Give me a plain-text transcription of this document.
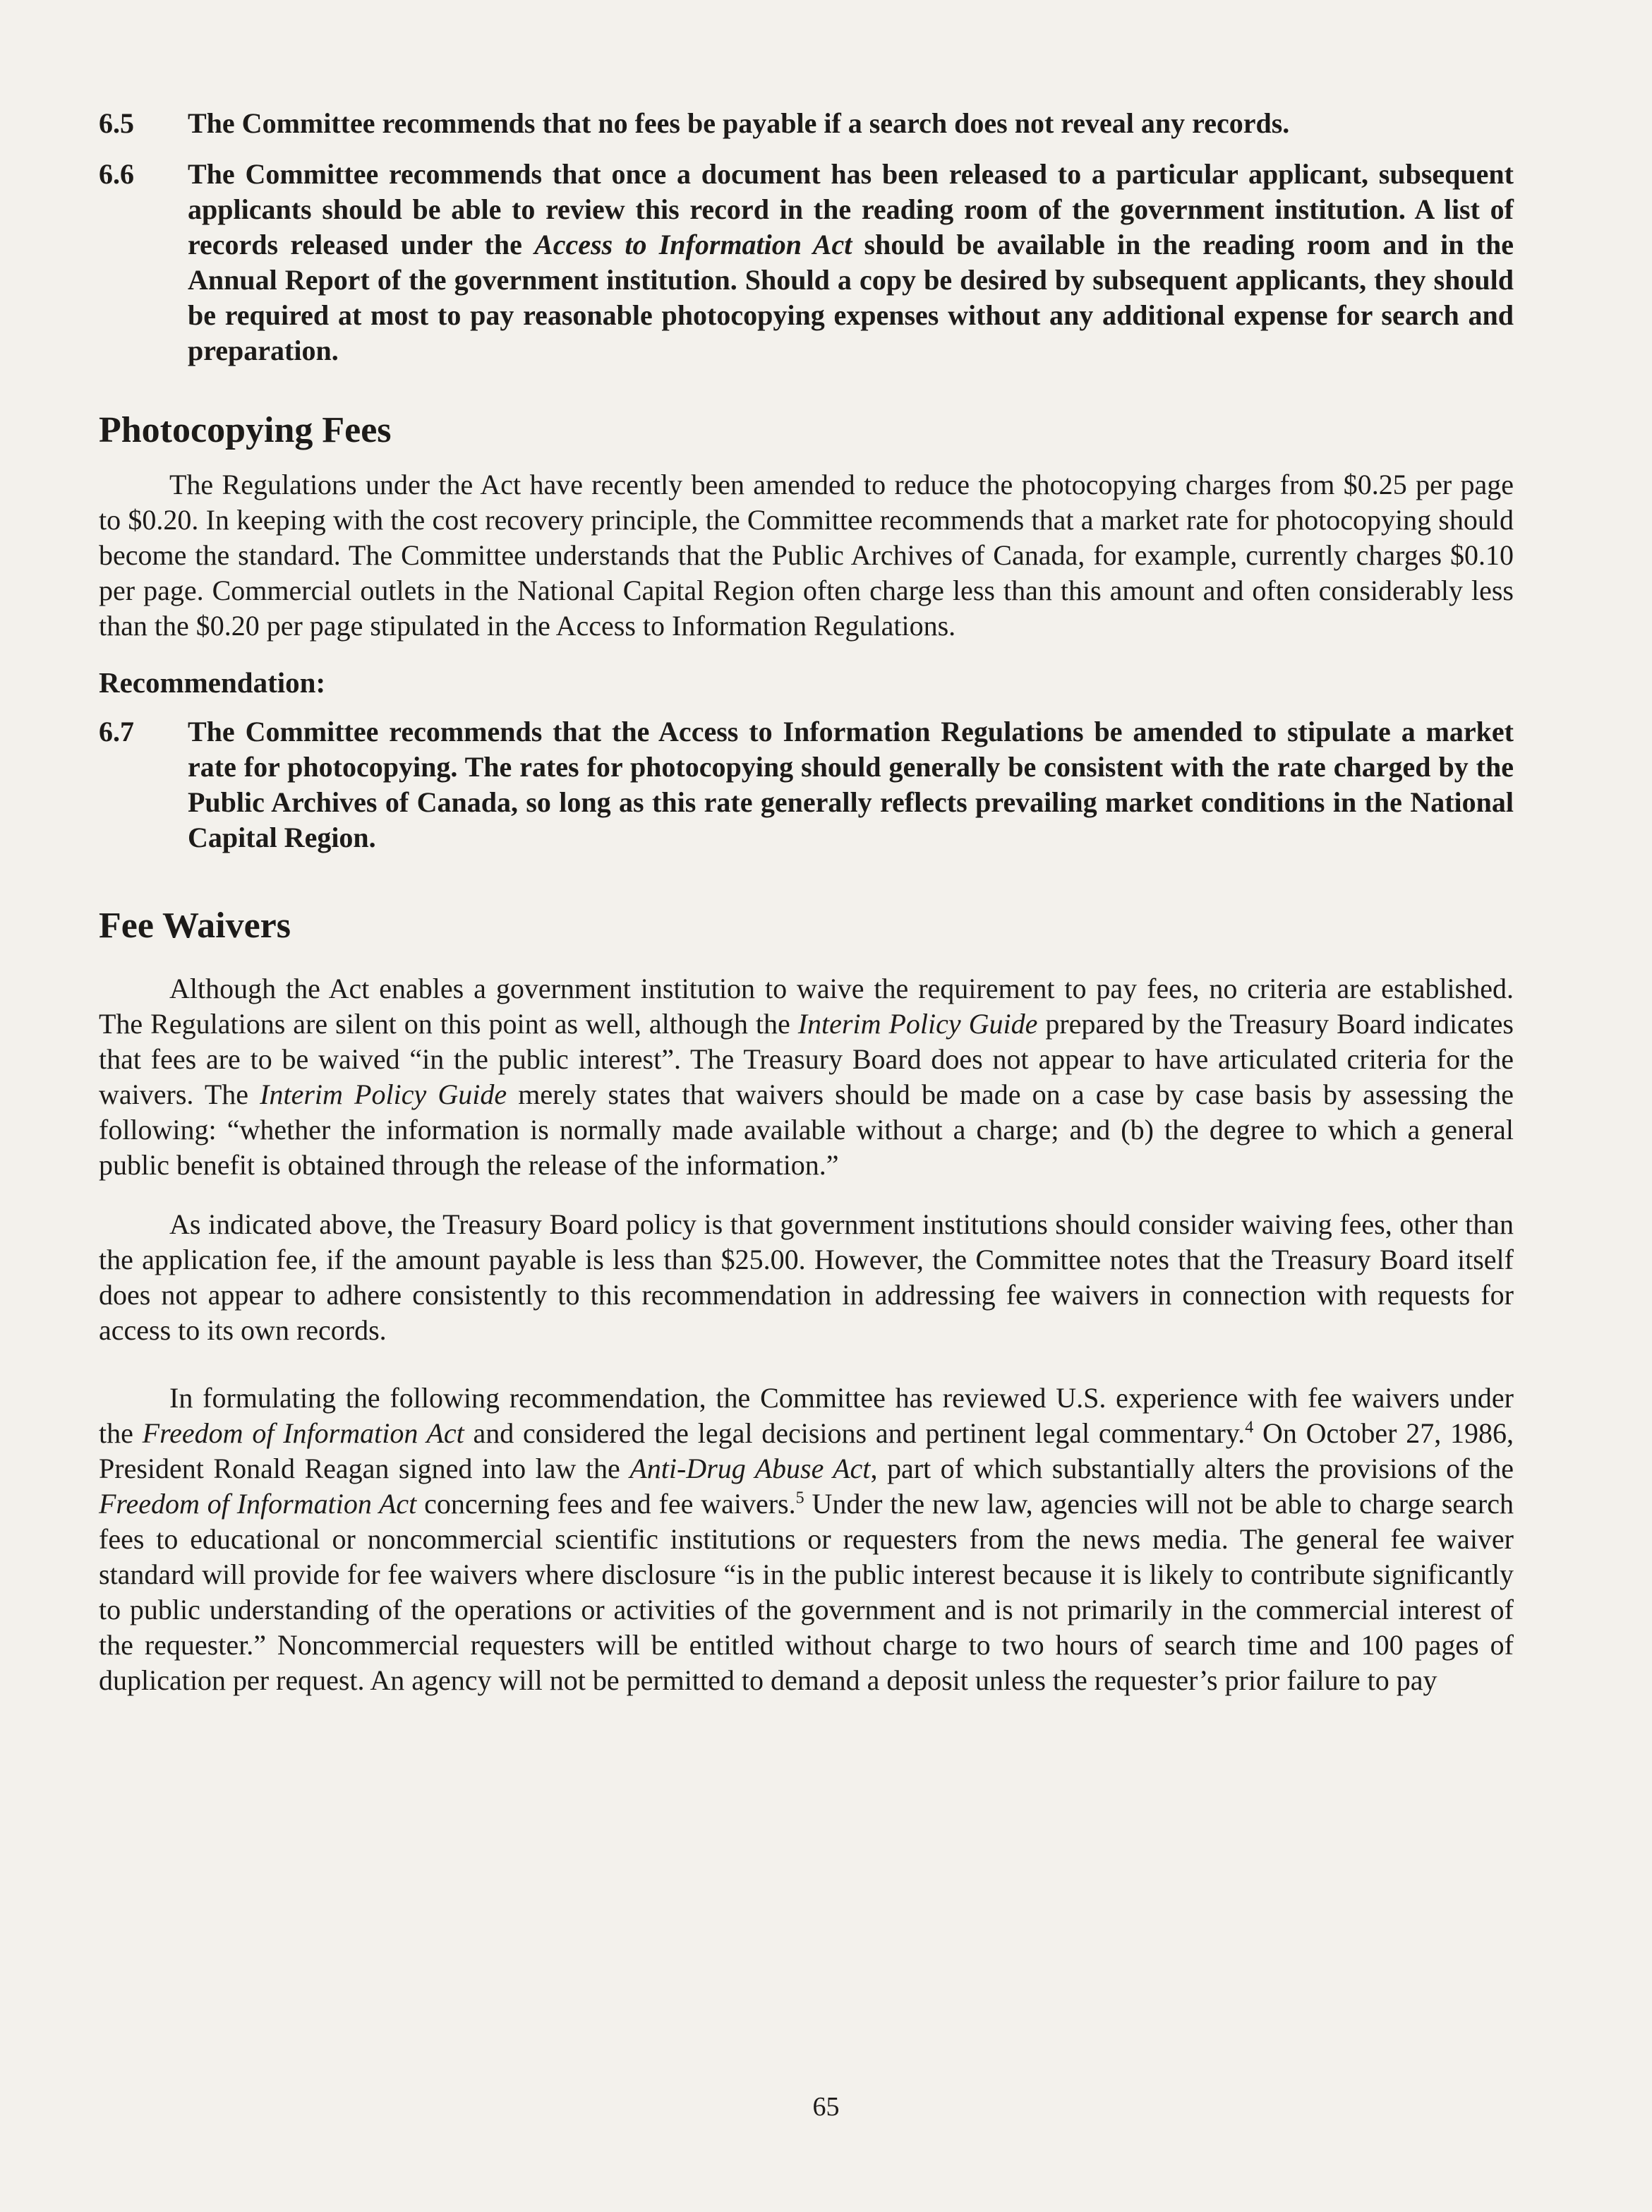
6.5	The Committee recommends that no fees be payable if a search does not reveal any records.
6.6	The Committee recommends that once a document has been released to a particular applicant, subsequent applicants should be able to review this record in the reading room of the government institution. A list of records released under the Access to Information Act should be available in the reading room and in the Annual Report of the government institution. Should a copy be desired by subsequent applicants, they should be required at most to pay reasonable photocopying expenses without any additional expense for search and preparation.
Photocopying Fees

The Regulations under the Act have recently been amended to reduce the photocopying charges from $0.25 per page to $0.20. In keeping with the cost recovery principle, the Committee recommends that a market rate for photocopying should become the standard. The Committee understands that the Public Archives of Canada, for example, currently charges $0.10 per page. Commercial outlets in the National Capital Region often charge less than this amount and often considerably less than the $0.20 per page stipulated in the Access to Information Regulations.

Recommendation:
6.7	The Committee recommends that the Access to Information Regulations be amended to stipulate a market rate for photocopying. The rates for photocopying should generally be consistent with the rate charged by the Public Archives of Canada, so long as this rate generally reflects prevailing market conditions in the National Capital Region.
Fee Waivers

Although the Act enables a government institution to waive the requirement to pay fees, no criteria are established. The Regulations are silent on this point as well, although the Interim Policy Guide prepared by the Treasury Board indicates that fees are to be waived “in the public interest”. The Treasury Board does not appear to have articulated criteria for the waivers. The Interim Policy Guide merely states that waivers should be made on a case by case basis by assessing the following: “whether the information is normally made available without a charge; and (b) the degree to which a general public benefit is obtained through the release of the information.”

As indicated above, the Treasury Board policy is that government institutions should consider waiving fees, other than the application fee, if the amount payable is less than $25.00. However, the Committee notes that the Treasury Board itself does not appear to adhere consistently to this recommendation in addressing fee waivers in connection with requests for access to its own records.

In formulating the following recommendation, the Committee has reviewed U.S. experience with fee waivers under the Freedom of Information Act and considered the legal decisions and pertinent legal commentary.$^4$ On October 27, 1986, President Ronald Reagan signed into law the Anti-Drug Abuse Act, part of which substantially alters the provisions of the Freedom of Information Act concerning fees and fee waivers.$^5$ Under the new law, agencies will not be able to charge search fees to educational or noncommercial scientific institutions or requesters from the news media. The general fee waiver standard will provide for fee waivers where disclosure “is in the public interest because it is likely to contribute significantly to public understanding of the operations or activities of the government and is not primarily in the commercial interest of the requester.” Noncommercial requesters will be entitled without charge to two hours of search time and 100 pages of duplication per request. An agency will not be permitted to demand a deposit unless the requester’s prior failure to pay

65
